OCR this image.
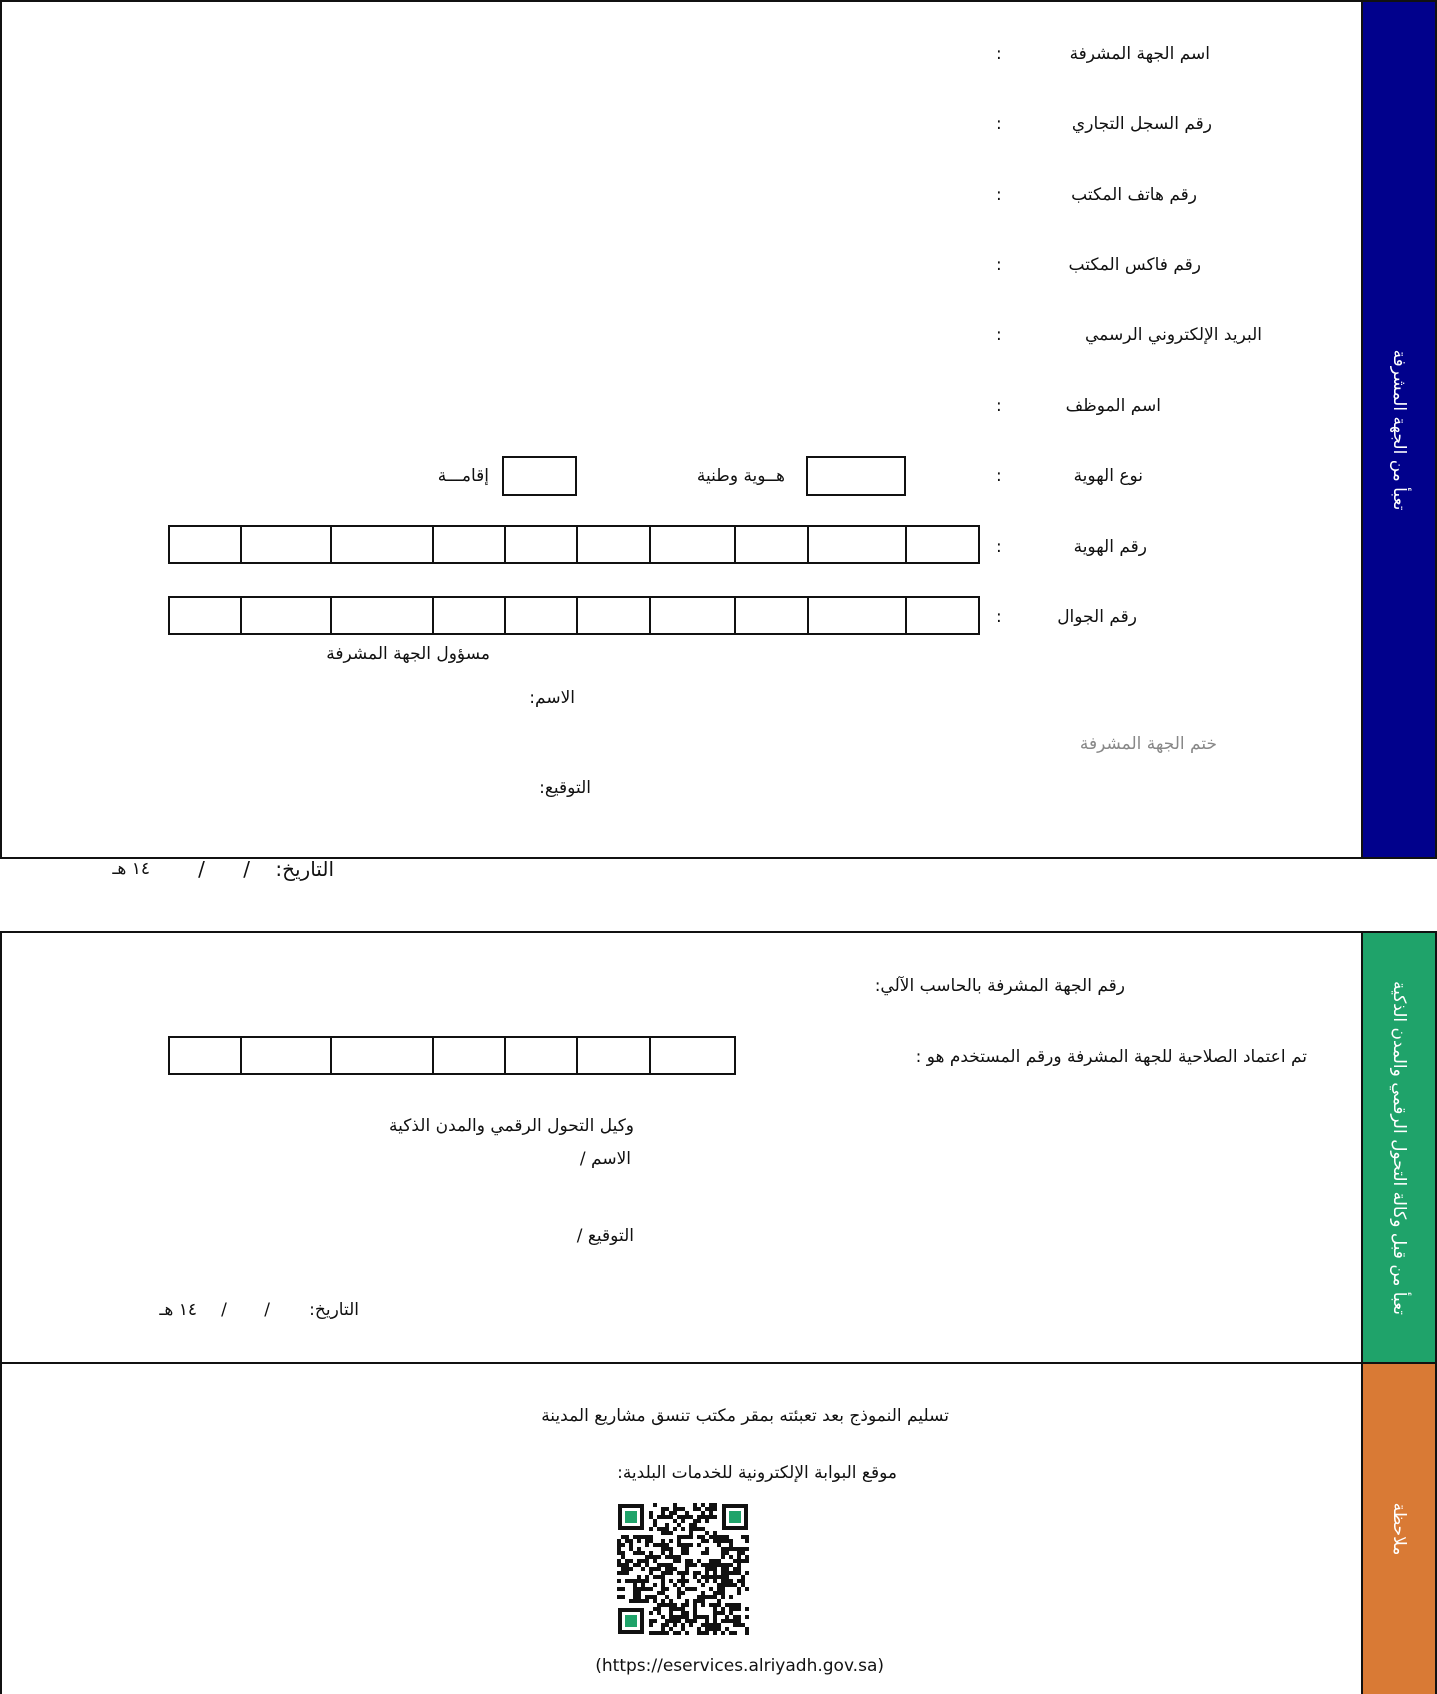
تعبأ من الجهة المشرفة
اسم الجهة المشرفة
رقم السجل التجاري
رقم هاتف المكتب
رقم فاكس المكتب
البريد الإلكتروني الرسمي
اسم الموظف
نوع الهوية
رقم الهوية
رقم الجوال
:
:
:
:
:
:
:
:
:
هــوية وطنية
إقامـــة
مسؤول الجهة المشرفة
الاسم:
ختم الجهة المشرفة
التوقيع:
التاريخ:
/ /
١٤ هـ
تعبأ من قبل وكالة التحول الرقمي والمدن الذكية
رقم الجهة المشرفة بالحاسب الآلي:
تم اعتماد الصلاحية للجهة المشرفة ورقم المستخدم هو :
وكيل التحول الرقمي والمدن الذكية
الاسم /
التوقيع /
التاريخ:
/ /
١٤ هـ
ملاحظة
تسليم النموذج بعد تعبئته بمقر مكتب تنسق مشاريع المدينة
موقع البوابة الإلكترونية للخدمات البلدية:
(https://eservices.alriyadh.gov.sa)
